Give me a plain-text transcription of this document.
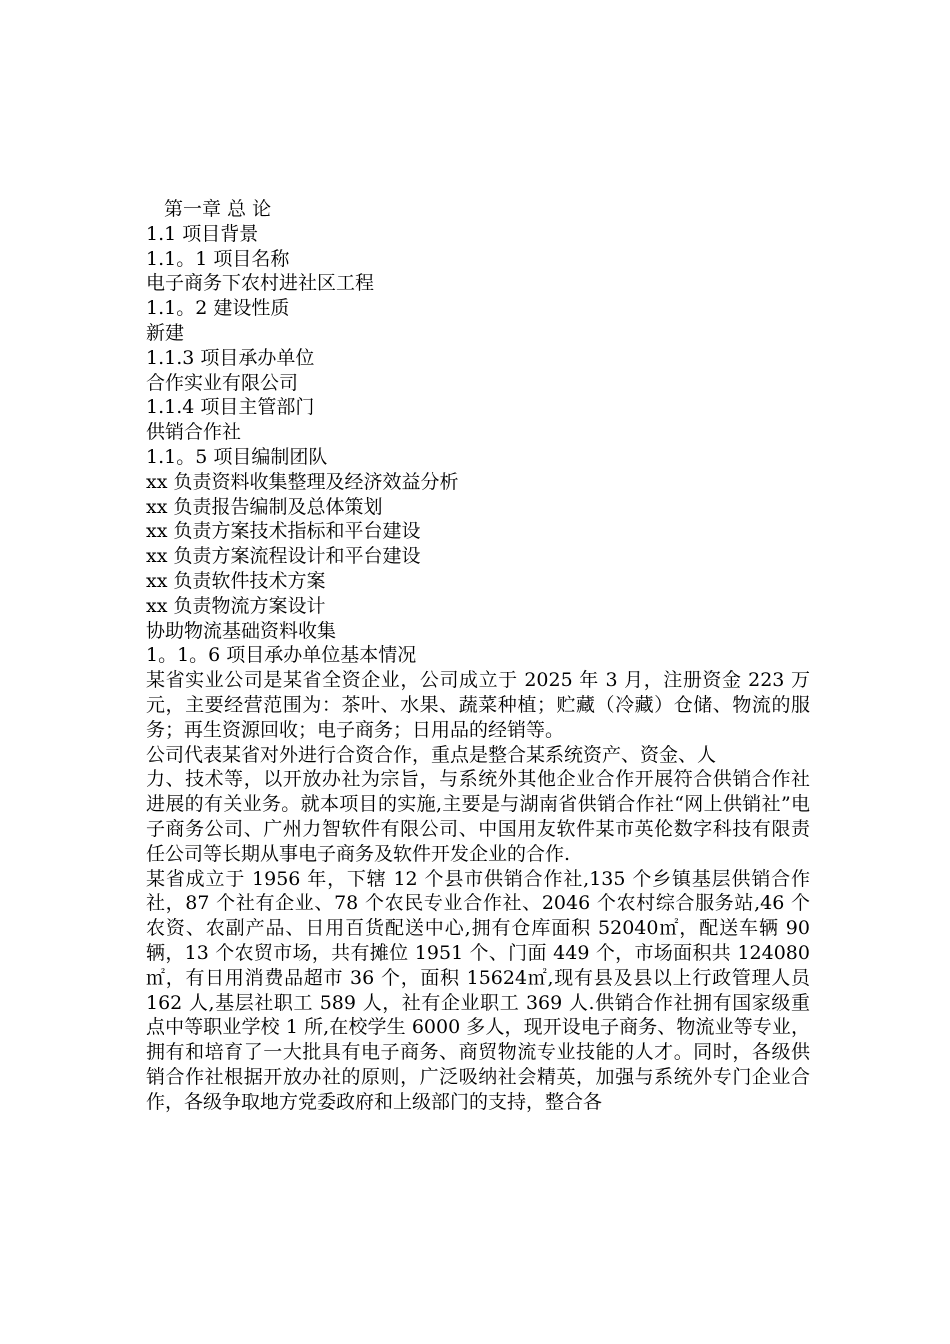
第一章 总 论

1.1 项目背景

1.1。1 项目名称

电子商务下农村进社区工程

1.1。2 建设性质

新建

1.1.3 项目承办单位

合作实业有限公司

1.1.4 项目主管部门

供销合作社

1.1。5 项目编制团队

xx 负责资料收集整理及经济效益分析

xx 负责报告编制及总体策划

xx 负责方案技术指标和平台建设

xx 负责方案流程设计和平台建设

xx 负责软件技术方案

xx 负责物流方案设计

协助物流基础资料收集

1。1。6 项目承办单位基本情况

某省实业公司是某省全资企业，公司成立于 2025 年 3 月，注册资金 223 万元，主要经营范围为：茶叶、水果、蔬菜种植；贮藏（冷藏）仓储、物流的服务；再生资源回收；电子商务；日用品的经销等。

公司代表某省对外进行合资合作，重点是整合某系统资产、资金、人

力、技术等，以开放办社为宗旨，与系统外其他企业合作开展符合供销合作社进展的有关业务。就本项目的实施,主要是与湖南省供销合作社“网上供销社”电子商务公司、广州力智软件有限公司、中国用友软件某市英伦数字科技有限责任公司等长期从事电子商务及软件开发企业的合作.

某省成立于 1956 年，下辖 12 个县市供销合作社,135 个乡镇基层供销合作社，87 个社有企业、78 个农民专业合作社、2046 个农村综合服务站,46 个农资、农副产品、日用百货配送中心,拥有仓库面积 52040㎡，配送车辆 90 辆，13 个农贸市场，共有摊位 1951 个、门面 449 个，市场面积共 124080㎡，有日用消费品超市 36 个，面积 15624㎡,现有县及县以上行政管理人员 162 人,基层社职工 589 人，社有企业职工 369 人.供销合作社拥有国家级重点中等职业学校 1 所,在校学生 6000 多人，现开设电子商务、物流业等专业，拥有和培育了一大批具有电子商务、商贸物流专业技能的人才。同时，各级供销合作社根据开放办社的原则，广泛吸纳社会精英，加强与系统外专门企业合作，各级争取地方党委政府和上级部门的支持，整合各
